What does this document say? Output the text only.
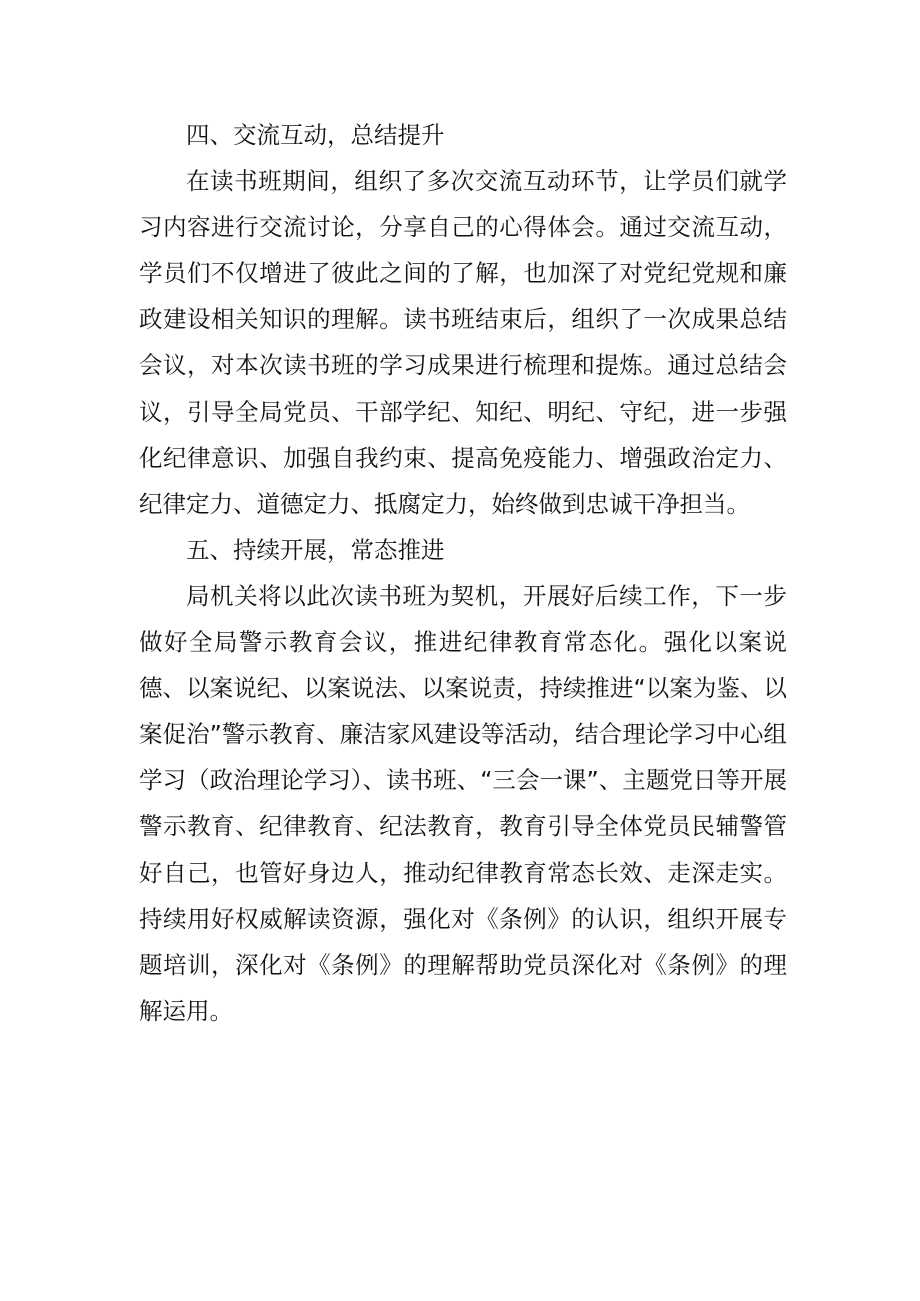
四、交流互动，总结提升

在读书班期间，组织了多次交流互动环节，让学员们就学习内容进行交流讨论，分享自己的心得体会。通过交流互动，学员们不仅增进了彼此之间的了解，也加深了对党纪党规和廉政建设相关知识的理解。读书班结束后，组织了一次成果总结会议，对本次读书班的学习成果进行梳理和提炼。通过总结会议，引导全局党员、干部学纪、知纪、明纪、守纪，进一步强化纪律意识、加强自我约束、提高免疫能力、增强政治定力、纪律定力、道德定力、抵腐定力，始终做到忠诚干净担当。

五、持续开展，常态推进

局机关将以此次读书班为契机，开展好后续工作，下一步做好全局警示教育会议，推进纪律教育常态化。强化以案说德、以案说纪、以案说法、以案说责，持续推进“以案为鉴、以案促治”警示教育、廉洁家风建设等活动，结合理论学习中心组学习（政治理论学习）、读书班、“三会一课”、主题党日等开展警示教育、纪律教育、纪法教育，教育引导全体党员民辅警管好自己，也管好身边人，推动纪律教育常态长效、走深走实。持续用好权威解读资源，强化对《条例》的认识，组织开展专题培训，深化对《条例》的理解帮助党员深化对《条例》的理解运用。
